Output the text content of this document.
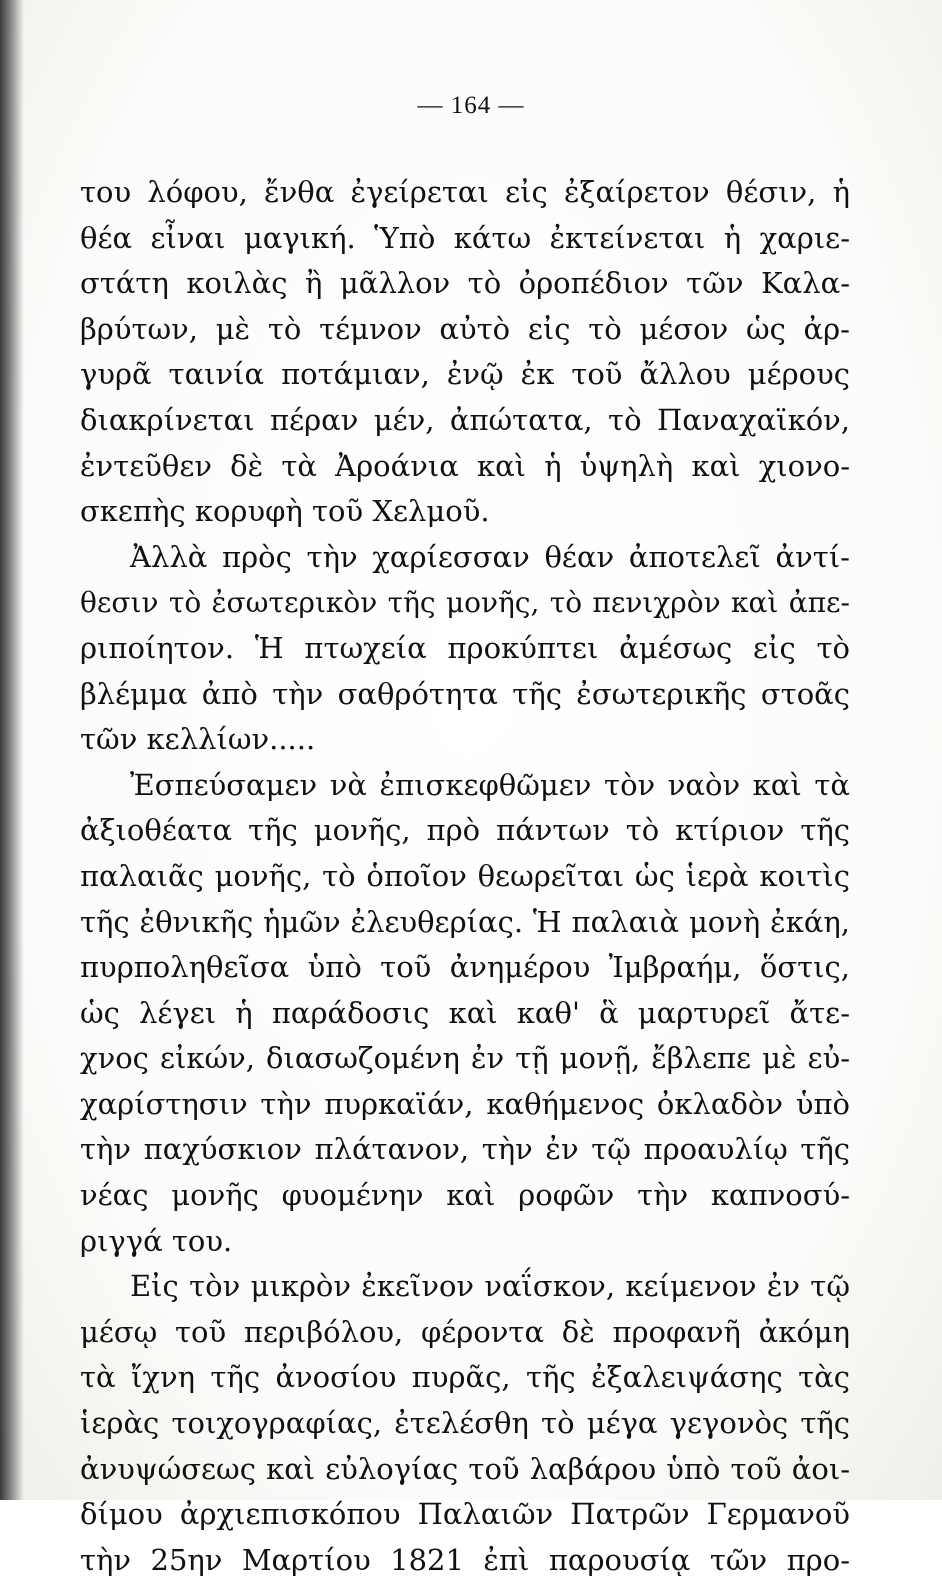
— 164 —
του λόφου, ἔνθα ἐγείρεται εἰς ἐξαίρετον θέσιν, ἡ
θέα εἶναι μαγική. Ὑπὸ κάτω ἐκτείνεται ἡ χαριε-
στάτη κοιλὰς ἢ μᾶλλον τὸ ὀροπέδιον τῶν Καλα-
βρύτων, μὲ τὸ τέμνον αὐτὸ εἰς τὸ μέσον ὡς ἀρ-
γυρᾶ ταινία ποτάμιαν, ἐνῷ ἐκ τοῦ ἄλλου μέρους
διακρίνεται πέραν μέν, ἀπώτατα, τὸ Παναχαϊκόν,
ἐντεῦθεν δὲ τὰ Ἀροάνια καὶ ἡ ὑψηλὴ καὶ χιονο-
σκεπὴς κορυφὴ τοῦ Χελμοῦ.
Ἀλλὰ πρὸς τὴν χαρίεσσαν θέαν ἀποτελεῖ ἀντί-
θεσιν τὸ ἐσωτερικὸν τῆς μονῆς, τὸ πενιχρὸν καὶ ἀπε-
ριποίητον. Ἡ πτωχεία προκύπτει ἀμέσως εἰς τὸ
βλέμμα ἀπὸ τὴν σαθρότητα τῆς ἐσωτερικῆς στοᾶς
τῶν κελλίων.....
Ἐσπεύσαμεν νὰ ἐπισκεφθῶμεν τὸν ναὸν καὶ τὰ
ἀξιοθέατα τῆς μονῆς, πρὸ πάντων τὸ κτίριον τῆς
παλαιᾶς μονῆς, τὸ ὁποῖον θεωρεῖται ὡς ἱερὰ κοιτὶς
τῆς ἐθνικῆς ἡμῶν ἐλευθερίας. Ἡ παλαιὰ μονὴ ἐκάη,
πυρποληθεῖσα ὑπὸ τοῦ ἀνημέρου Ἰμβραήμ, ὅστις,
ὡς λέγει ἡ παράδοσις καὶ καθ' ἃ μαρτυρεῖ ἄτε-
χνος εἰκών, διασωζομένη ἐν τῇ μονῇ, ἔβλεπε μὲ εὐ-
χαρίστησιν τὴν πυρκαϊάν, καθήμενος ὀκλαδὸν ὑπὸ
τὴν παχύσκιον πλάτανον, τὴν ἐν τῷ προαυλίῳ τῆς
νέας μονῆς φυομένην καὶ ροφῶν τὴν καπνοσύ-
ριγγά του.
Εἰς τὸν μικρὸν ἐκεῖνον ναΐσκον, κείμενον ἐν τῷ
μέσῳ τοῦ περιβόλου, φέροντα δὲ προφανῆ ἀκόμη
τὰ ἴχνη τῆς ἀνοσίου πυρᾶς, τῆς ἐξαλειψάσης τὰς
ἱερὰς τοιχογραφίας, ἐτελέσθη τὸ μέγα γεγονὸς τῆς
ἀνυψώσεως καὶ εὐλογίας τοῦ λαβάρου ὑπὸ τοῦ ἀοι-
δίμου ἀρχιεπισκόπου Παλαιῶν Πατρῶν Γερμανοῦ
τὴν 25ην Μαρτίου 1821 ἐπὶ παρουσίᾳ τῶν προ-
